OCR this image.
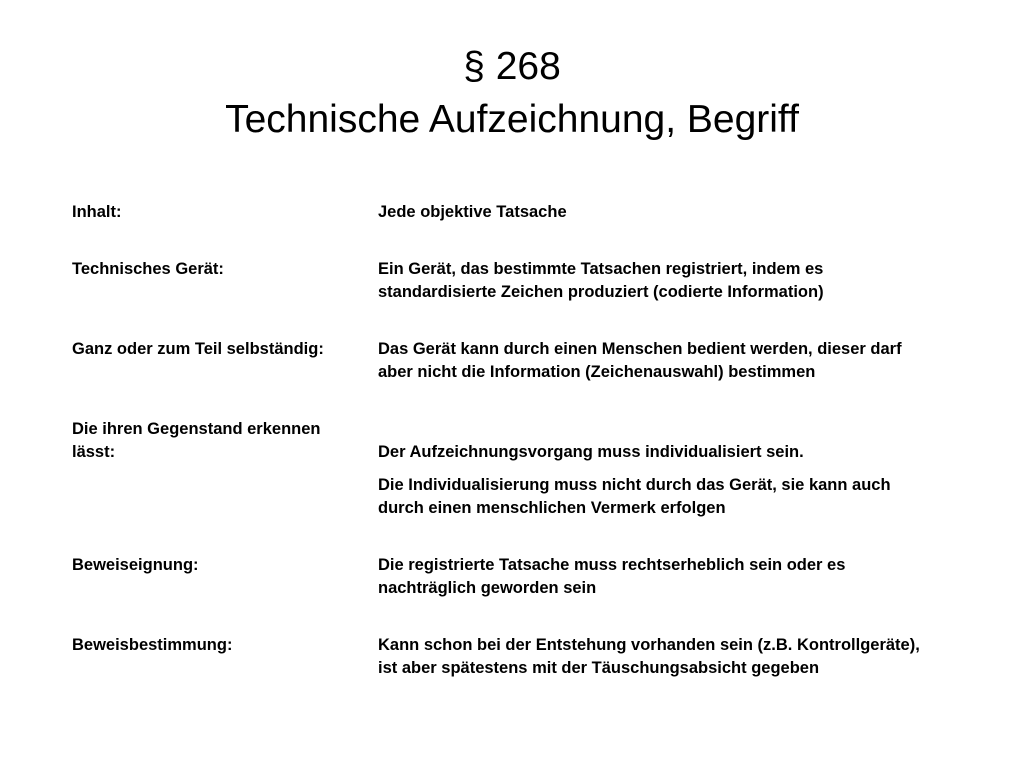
§ 268
Technische Aufzeichnung, Begriff
Inhalt:	Jede objektive Tatsache
Technisches Gerät:	Ein Gerät, das bestimmte Tatsachen registriert, indem es
standardisierte Zeichen produziert (codierte Information)
Ganz oder zum Teil selbständig:	Das Gerät kann durch einen Menschen bedient werden, dieser darf
aber nicht die Information (Zeichenauswahl) bestimmen
Die ihren Gegenstand erkennen
lässt:	Der Aufzeichnungsvorgang muss individualisiert sein.
Die Individualisierung muss nicht durch das Gerät, sie kann auch
durch einen menschlichen Vermerk erfolgen
Beweiseignung:	Die registrierte Tatsache muss rechtserheblich sein oder es
nachträglich geworden sein
Beweisbestimmung:	Kann schon bei der Entstehung vorhanden sein (z.B. Kontrollgeräte),
ist aber spätestens mit der Täuschungsabsicht gegeben
